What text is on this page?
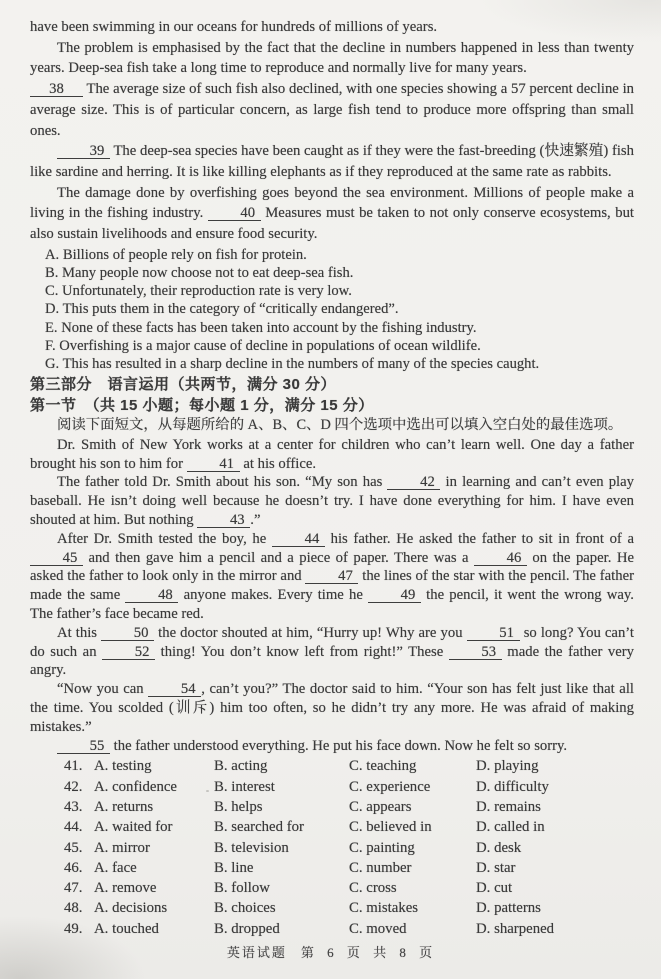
have been swimming in our oceans for hundreds of millions of years.

The problem is emphasised by the fact that the decline in numbers happened in less than twenty years. Deep-sea fish take a long time to reproduce and normally live for many years.

38 The average size of such fish also declined, with one species showing a 57 percent decline in average size. This is of particular concern, as large fish tend to produce more offspring than small ones.

39 The deep-sea species have been caught as if they were the fast-breeding (快速繁殖) fish like sardine and herring. It is like killing elephants as if they reproduced at the same rate as rabbits.

The damage done by overfishing goes beyond the sea environment. Millions of people make a living in the fishing industry. 40 Measures must be taken to not only conserve ecosystems, but also sustain livelihoods and ensure food security.

A. Billions of people rely on fish for protein.

B. Many people now choose not to eat deep-sea fish.

C. Unfortunately, their reproduction rate is very low.

D. This puts them in the category of “critically endangered”.

E. None of these facts has been taken into account by the fishing industry.

F. Overfishing is a major cause of decline in populations of ocean wildlife.

G. This has resulted in a sharp decline in the numbers of many of the species caught.

第三部分　语言运用（共两节，满分 30 分）

第一节　（共 15 小题；每小题 1 分，满分 15 分）

阅读下面短文，从每题所给的 A、B、C、D 四个选项中选出可以填入空白处的最佳选项。

Dr. Smith of New York works at a center for children who can’t learn well. One day a father brought his son to him for 41 at his office.

The father told Dr. Smith about his son. “My son has 42 in learning and can’t even play baseball. He isn’t doing well because he doesn’t try. I have done everything for him. I have even shouted at him. But nothing 43 .”

After Dr. Smith tested the boy, he 44 his father. He asked the father to sit in front of a 45 and then gave him a pencil and a piece of paper. There was a 46 on the paper. He asked the father to look only in the mirror and 47 the lines of the star with the pencil. The father made the same 48 anyone makes. Every time he 49 the pencil, it went the wrong way. The father’s face became red.

At this 50 the doctor shouted at him, “Hurry up! Why are you 51 so long? You can’t do such an 52 thing! You don’t know left from right!” These 53 made the father very angry.

“Now you can 54 , can’t you?” The doctor said to him. “Your son has felt just like that all the time. You scolded (训斥) him too often, so he didn’t try any more. He was afraid of making mistakes.”

55 the father understood everything. He put his face down. Now he felt so sorry.

41. A. testing	B. acting	C. teaching	D. playing
42. A. confidence	B. interest	C. experience	D. difficulty
43. A. returns	B. helps	C. appears	D. remains
44. A. waited for	B. searched for	C. believed in	D. called in
45. A. mirror	B. television	C. painting	D. desk
46. A. face	B. line	C. number	D. star
47. A. remove	B. follow	C. cross	D. cut
48. A. decisions	B. choices	C. mistakes	D. patterns
49. A. touched	B. dropped	C. moved	D. sharpened
英语试题 第 6 页 共 8 页
